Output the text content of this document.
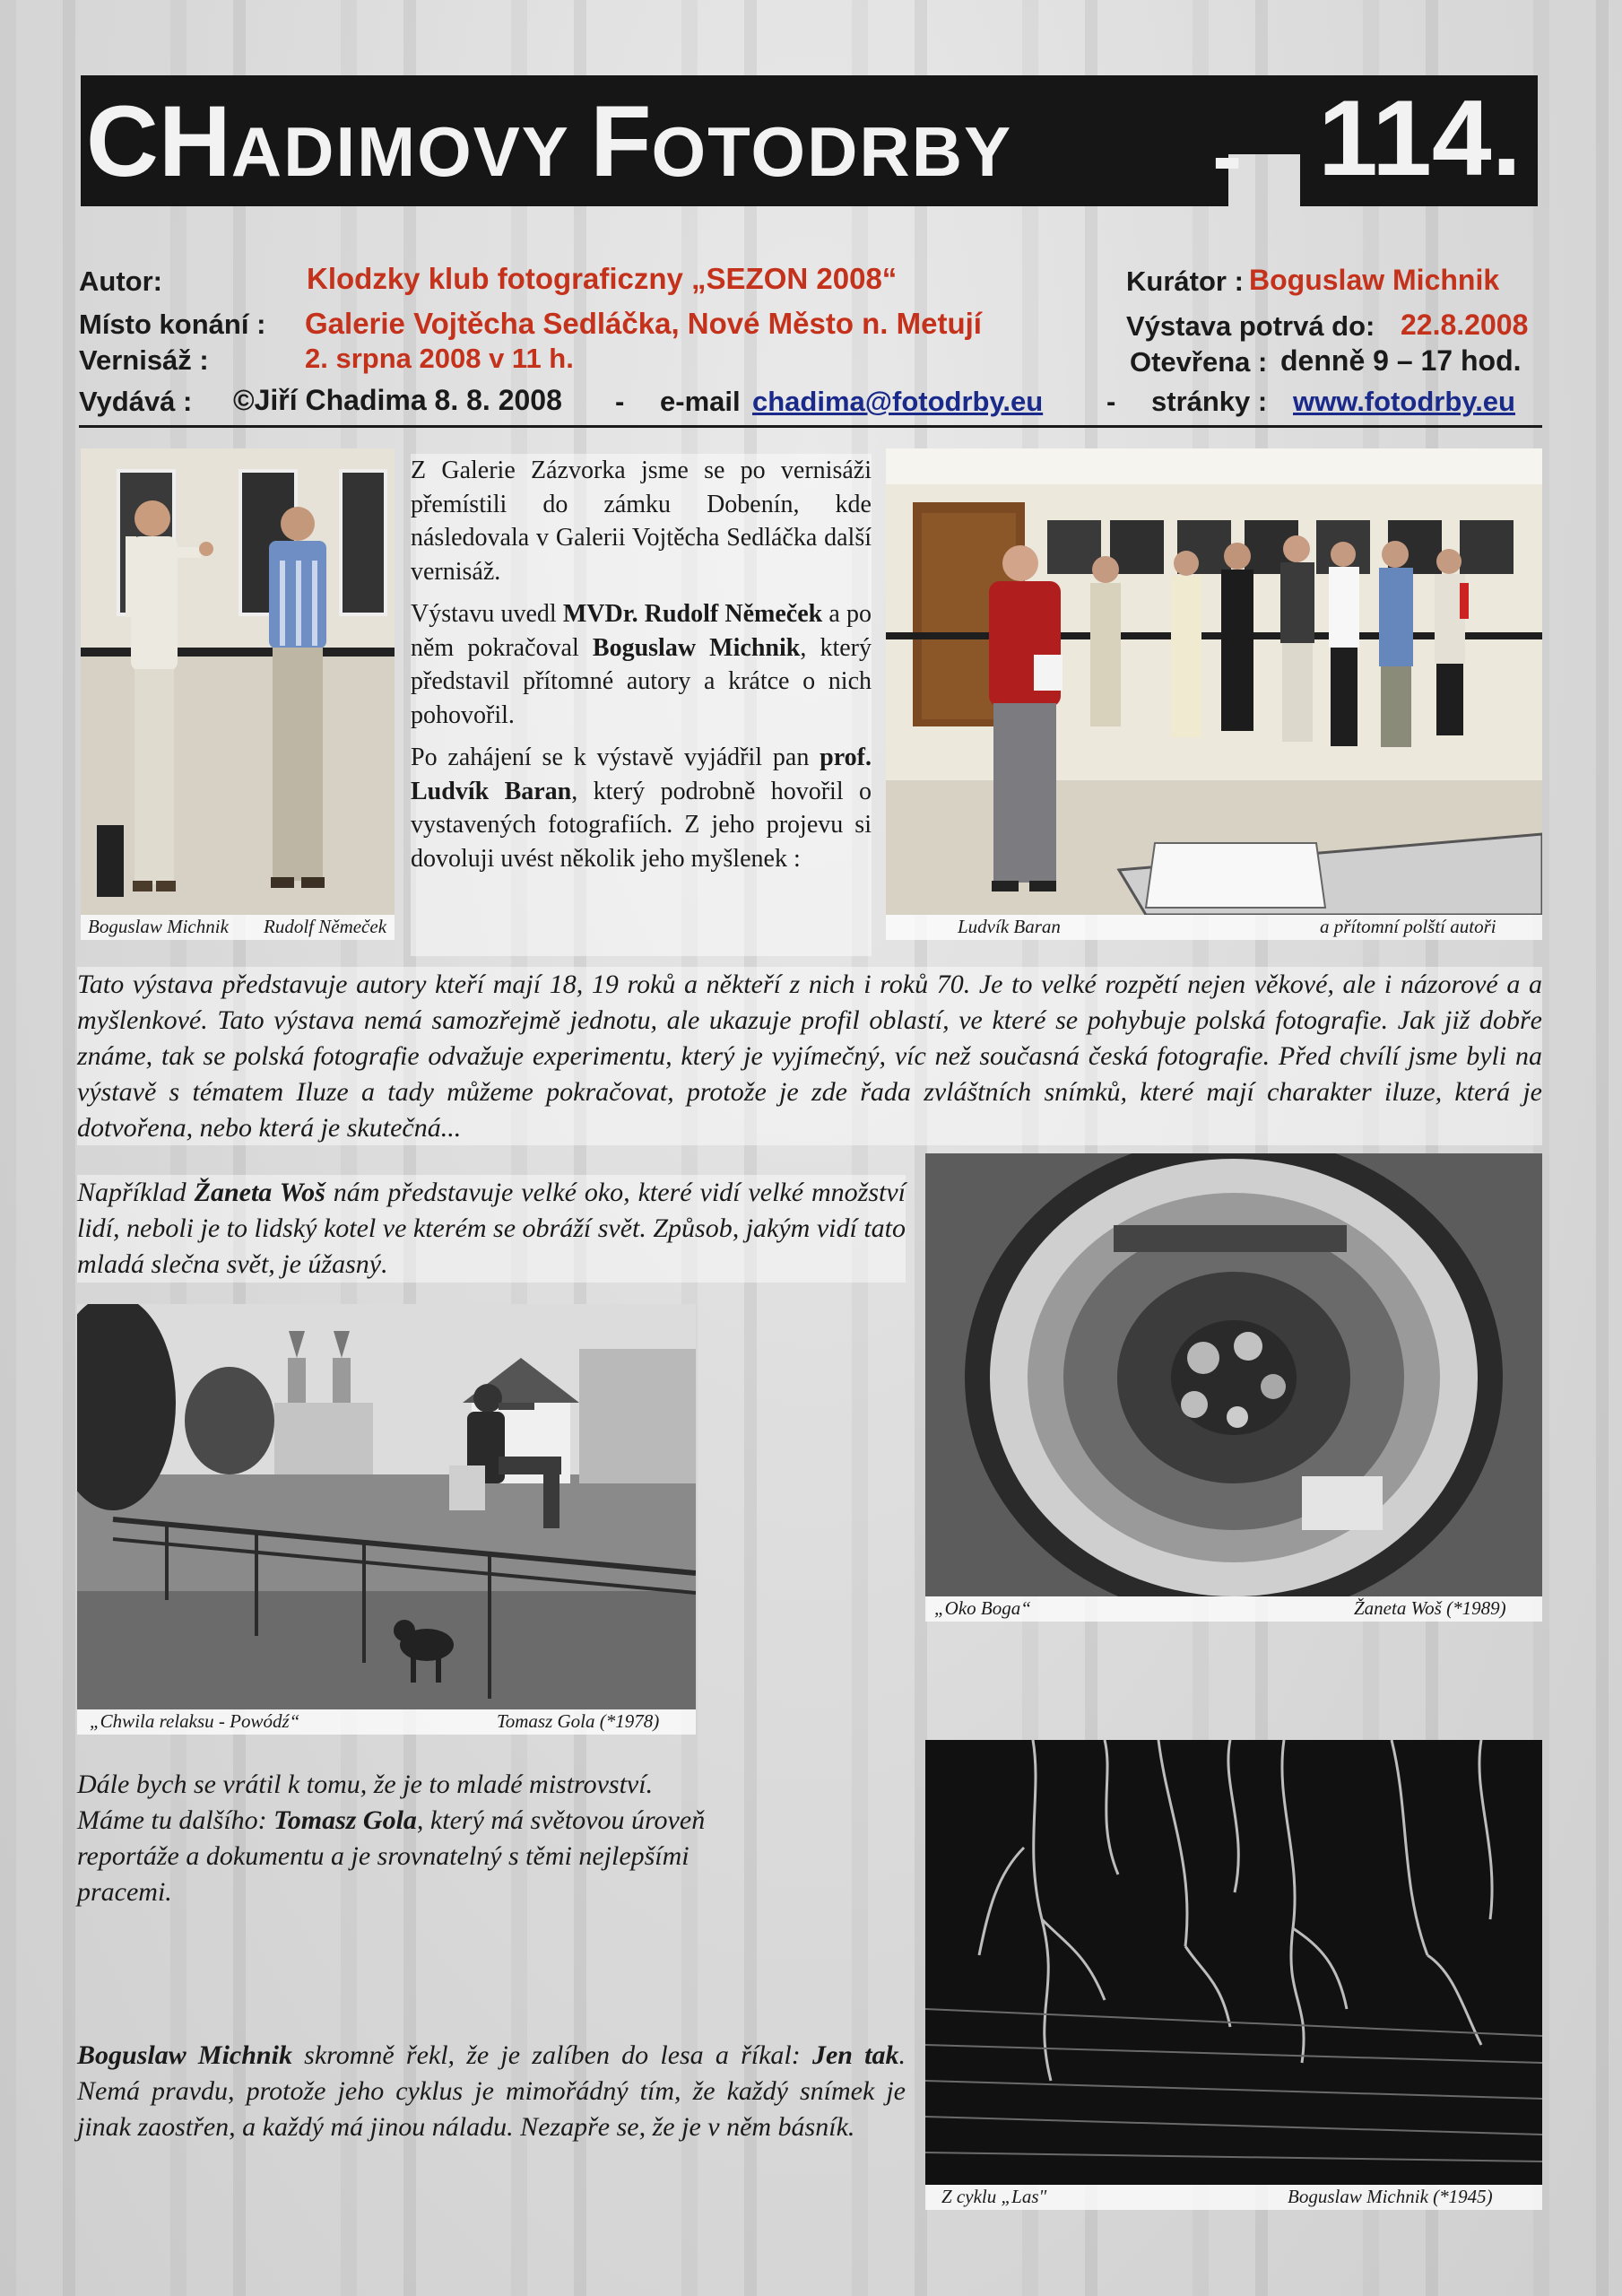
CHADIMOVY FOTODRBY - 114.
Autor:	Klodzky klub fotograficzny „SEZON 2008“	Kurátor : Boguslaw Michnik
Místo konání : Galerie Vojtěcha Sedláčka, Nové Město n. Metují	Výstava potrvá do: 22.8.2008
Vernisáž :	2. srpna 2008 v 11 h.	Otevřena : denně 9 – 17 hod.
Vydává : ©Jiří Chadima 8. 8. 2008 - e-mail chadima@fotodrby.eu - stránky : www.fotodrby.eu
Boguslaw Michnik Rudolf Němeček

Z Galerie Zázvorka jsme se po vernisáži přemístili do zámku Dobenín, kde následovala v Galerii Vojtěcha Sedláčka další vernisáž.

Výstavu uvedl MVDr. Rudolf Němeček a po něm pokračoval Boguslaw Michnik, který představil přítomné autory a krátce o nich pohovořil.

Po zahájení se k výstavě vyjádřil pan prof. Ludvík Baran, který podrobně hovořil o vystavených fotografiích. Z jeho projevu si dovoluji uvést několik jeho myšlenek :

Ludvík Baran	a přítomní polští autoři
Tato výstava představuje autory kteří mají 18, 19 roků a někteří z nich i roků 70. Je to velké rozpětí nejen věkové, ale i názorové a a myšlenkové. Tato výstava nemá samozřejmě jednotu, ale ukazuje profil oblastí, ve které se pohybuje polská fotografie. Jak již dobře známe, tak se polská fotografie odvažuje experimentu, který je vyjímečný, víc než současná česká fotografie. Před chvílí jsme byli na výstavě s tématem Iluze a tady můžeme pokračovat, protože je zde řada zvláštních snímků, které mají charakter iluze, která je dotvořena, nebo která je skutečná...
Například Žaneta Woš nám představuje velké oko, které vidí velké množství lidí, neboli je to lidský kotel ve kterém se obráží svět. Způsob, jakým vidí tato mladá slečna svět, je úžasný.
„Oko Boga“	Žaneta Woš (*1989)
„Chwila relaksu - Powódź“	Tomasz Gola (*1978)
Dále bych se vrátil k tomu, že je to mladé mistrovství. Máme tu dalšího: Tomasz Gola, který má světovou úroveň reportáže a dokumentu a je srovnatelný s těmi nejlepšími pracemi.
Boguslaw Michnik skromně řekl, že je zalíben do lesa a říkal: Jen tak. Nemá pravdu, protože jeho cyklus je mimořádný tím, že každý snímek je jinak zaostřen, a každý má jinou náladu. Nezapře se, že je v něm básník.
Z cyklu „Las"	Boguslaw Michnik (*1945)
